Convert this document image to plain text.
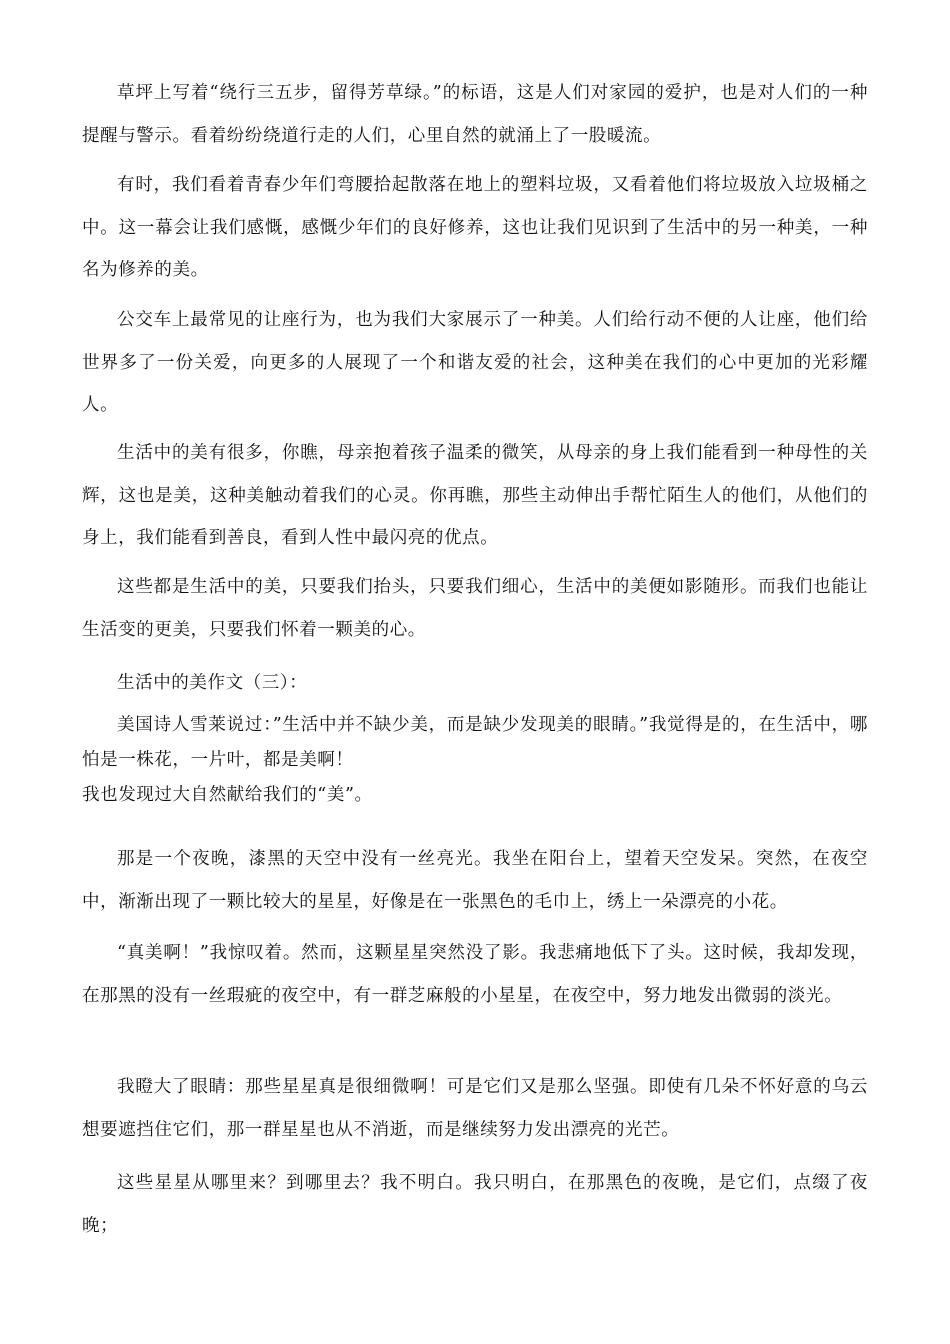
草坪上写着“绕行三五步，留得芳草绿。”的标语，这是人们对家园的爱护，也是对人们的一种提醒与警示。看着纷纷绕道行走的人们，心里自然的就涌上了一股暖流。

有时，我们看着青春少年们弯腰拾起散落在地上的塑料垃圾，又看着他们将垃圾放入垃圾桶之中。这一幕会让我们感慨，感慨少年们的良好修养，这也让我们见识到了生活中的另一种美，一种名为修养的美。

公交车上最常见的让座行为，也为我们大家展示了一种美。人们给行动不便的人让座，他们给世界多了一份关爱，向更多的人展现了一个和谐友爱的社会，这种美在我们的心中更加的光彩耀人。

生活中的美有很多，你瞧，母亲抱着孩子温柔的微笑，从母亲的身上我们能看到一种母性的关辉，这也是美，这种美触动着我们的心灵。你再瞧，那些主动伸出手帮忙陌生人的他们，从他们的身上，我们能看到善良，看到人性中最闪亮的优点。

这些都是生活中的美，只要我们抬头，只要我们细心，生活中的美便如影随形。而我们也能让生活变的更美，只要我们怀着一颗美的心。

生活中的美作文（三）：

美国诗人雪莱说过：”生活中并不缺少美，而是缺少发现美的眼睛。”我觉得是的，在生活中，哪怕是一株花，一片叶，都是美啊！

我也发现过大自然献给我们的“美”。

那是一个夜晚，漆黑的天空中没有一丝亮光。我坐在阳台上，望着天空发呆。突然，在夜空中，渐渐出现了一颗比较大的星星，好像是在一张黑色的毛巾上，绣上一朵漂亮的小花。

“真美啊！”我惊叹着。然而，这颗星星突然没了影。我悲痛地低下了头。这时候，我却发现，在那黑的没有一丝瑕疵的夜空中，有一群芝麻般的小星星，在夜空中，努力地发出微弱的淡光。

我瞪大了眼睛：那些星星真是很细微啊！可是它们又是那么坚强。即使有几朵不怀好意的乌云想要遮挡住它们，那一群星星也从不消逝，而是继续努力发出漂亮的光芒。

这些星星从哪里来？到哪里去？我不明白。我只明白，在那黑色的夜晚，是它们，点缀了夜晚；
